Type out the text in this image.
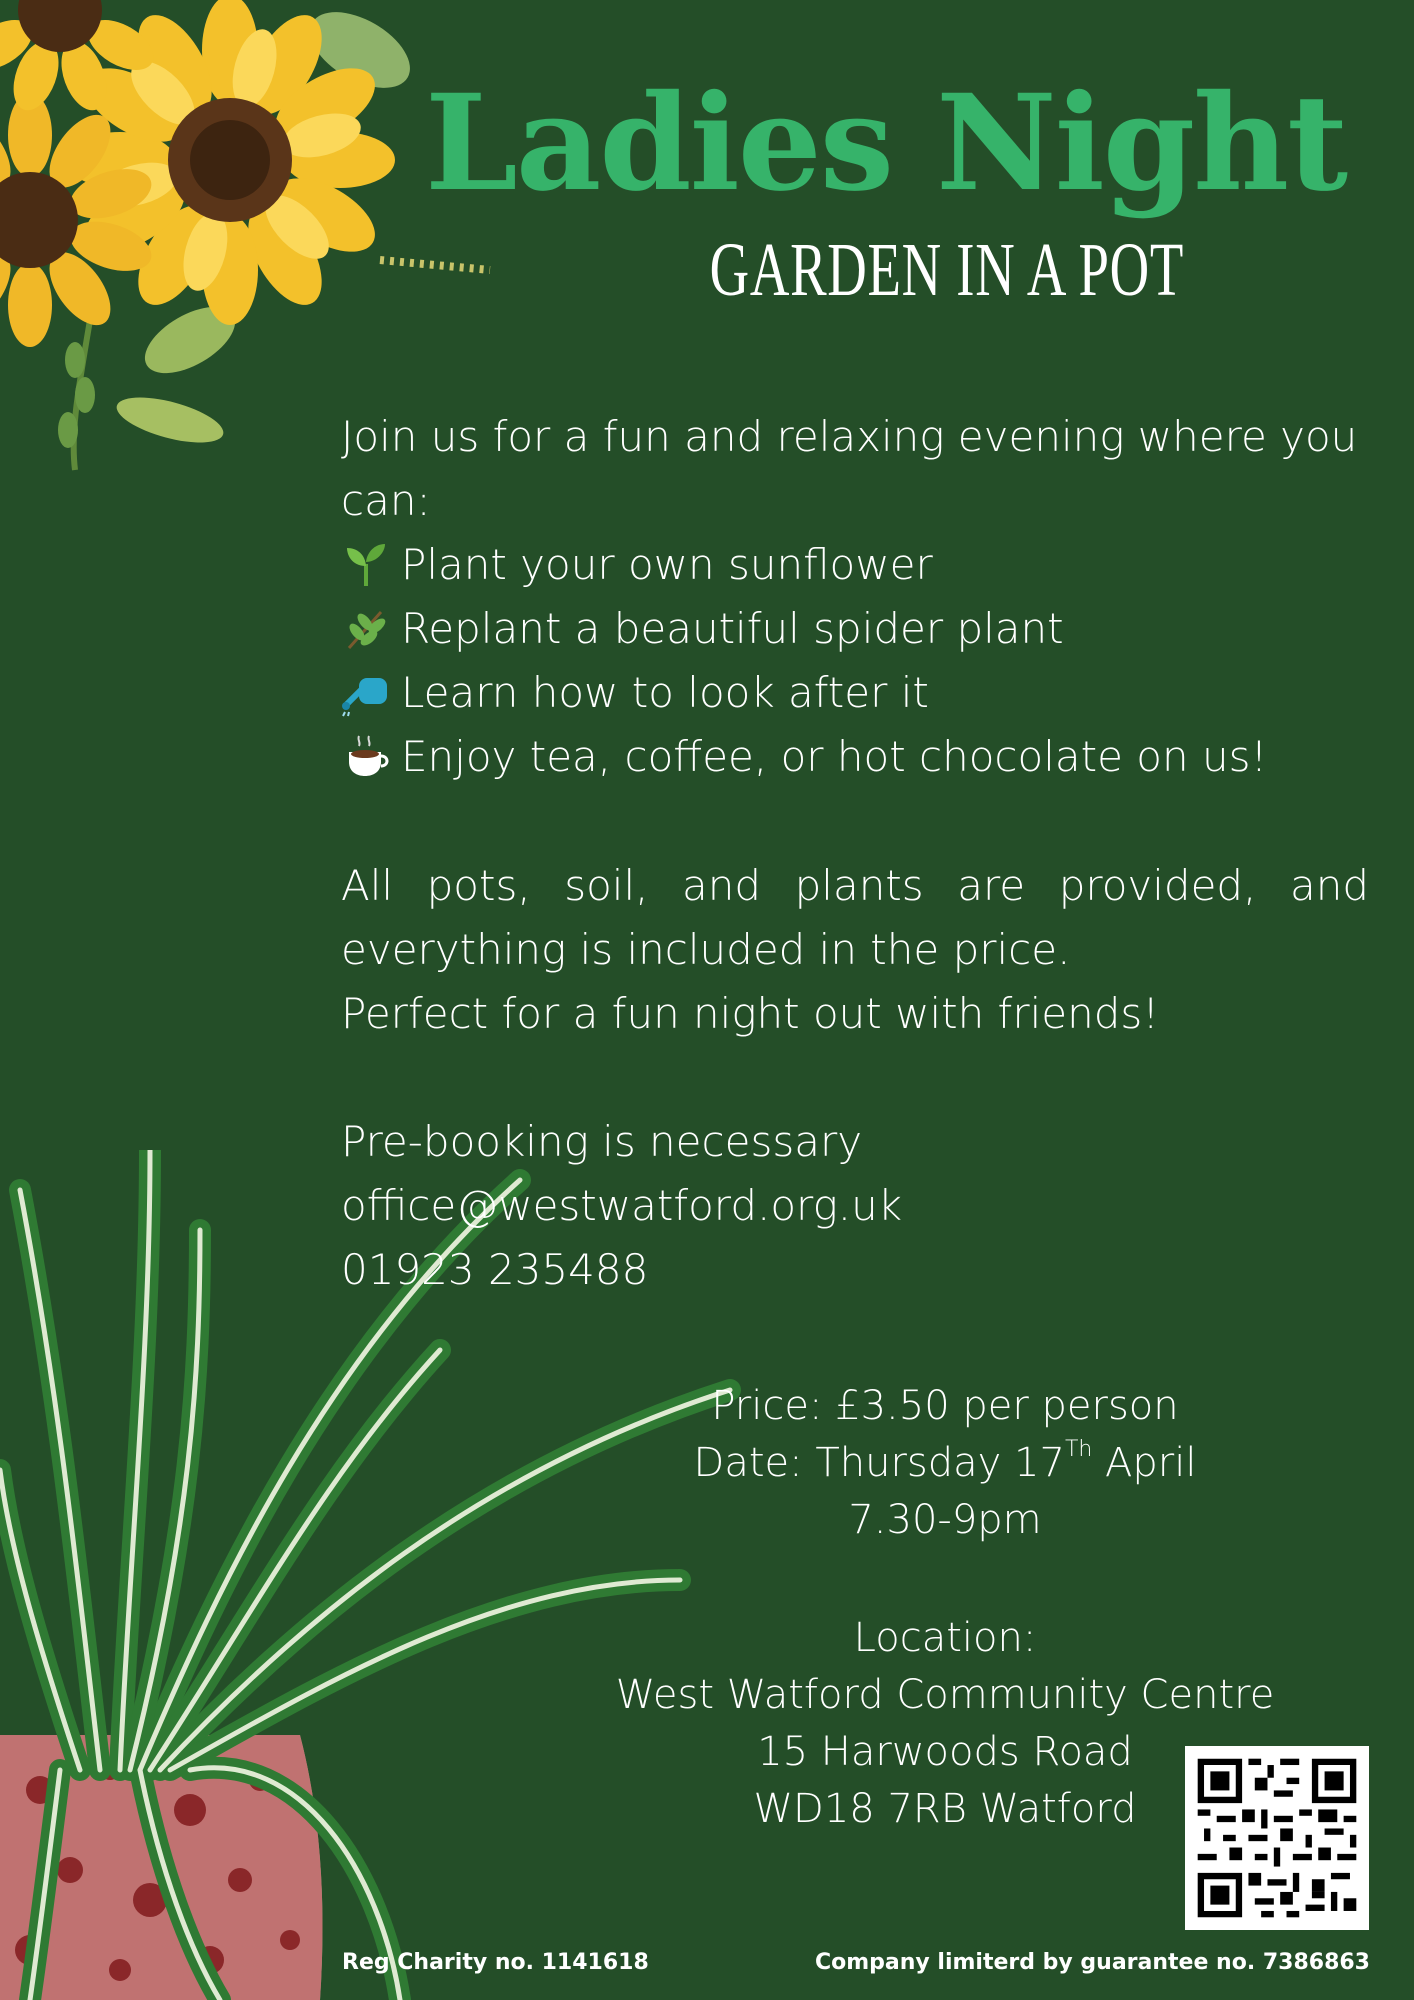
Ladies Night
GARDEN IN A POT
Join us for a fun and relaxing evening where you can:
Plant your own sunflower
Replant a beautiful spider plant
Learn how to look after it
Enjoy tea, coffee, or hot chocolate on us!
All pots, soil, and plants are provided, and everything is included in the price.
Perfect for a fun night out with friends!
Pre-booking is necessary
office@westwatford.org.uk
01923 235488
Price: £3.50 per person
Date: Thursday 17Th April
7.30-9pm
Location:
West Watford Community Centre
15 Harwoods Road
WD18 7RB Watford
Reg Charity no. 1141618	Company limiterd by guarantee no. 7386863
